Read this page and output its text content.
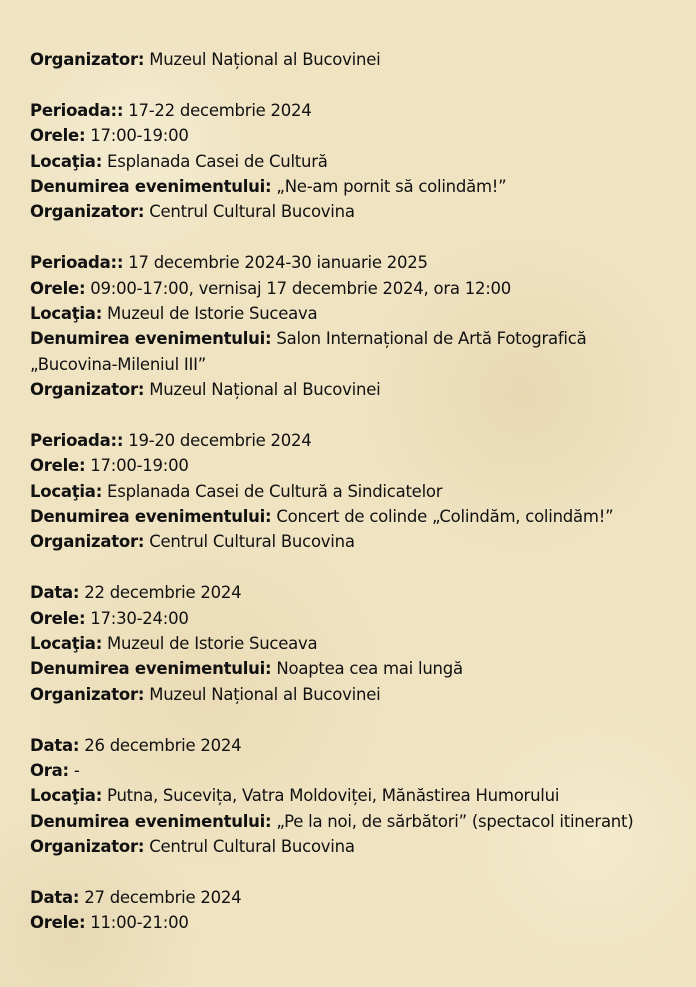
Organizator: Muzeul Național al Bucovinei
Perioada:: 17-22 decembrie 2024
Orele: 17:00-19:00
Locaţia: Esplanada Casei de Cultură
Denumirea evenimentului: „Ne-am pornit să colindăm!”
Organizator: Centrul Cultural Bucovina
Perioada:: 17 decembrie 2024-30 ianuarie 2025
Orele: 09:00-17:00, vernisaj 17 decembrie 2024, ora 12:00
Locaţia: Muzeul de Istorie Suceava
Denumirea evenimentului: Salon Internațional de Artă Fotografică
„Bucovina-Mileniul III”
Organizator: Muzeul Național al Bucovinei
Perioada:: 19-20 decembrie 2024
Orele: 17:00-19:00
Locaţia: Esplanada Casei de Cultură a Sindicatelor
Denumirea evenimentului: Concert de colinde „Colindăm, colindăm!”
Organizator: Centrul Cultural Bucovina
Data: 22 decembrie 2024
Orele: 17:30-24:00
Locaţia: Muzeul de Istorie Suceava
Denumirea evenimentului: Noaptea cea mai lungă
Organizator: Muzeul Național al Bucovinei
Data: 26 decembrie 2024
Ora: -
Locaţia: Putna, Sucevița, Vatra Moldoviței, Mănăstirea Humorului
Denumirea evenimentului: „Pe la noi, de sărbători” (spectacol itinerant)
Organizator: Centrul Cultural Bucovina
Data: 27 decembrie 2024
Orele: 11:00-21:00
